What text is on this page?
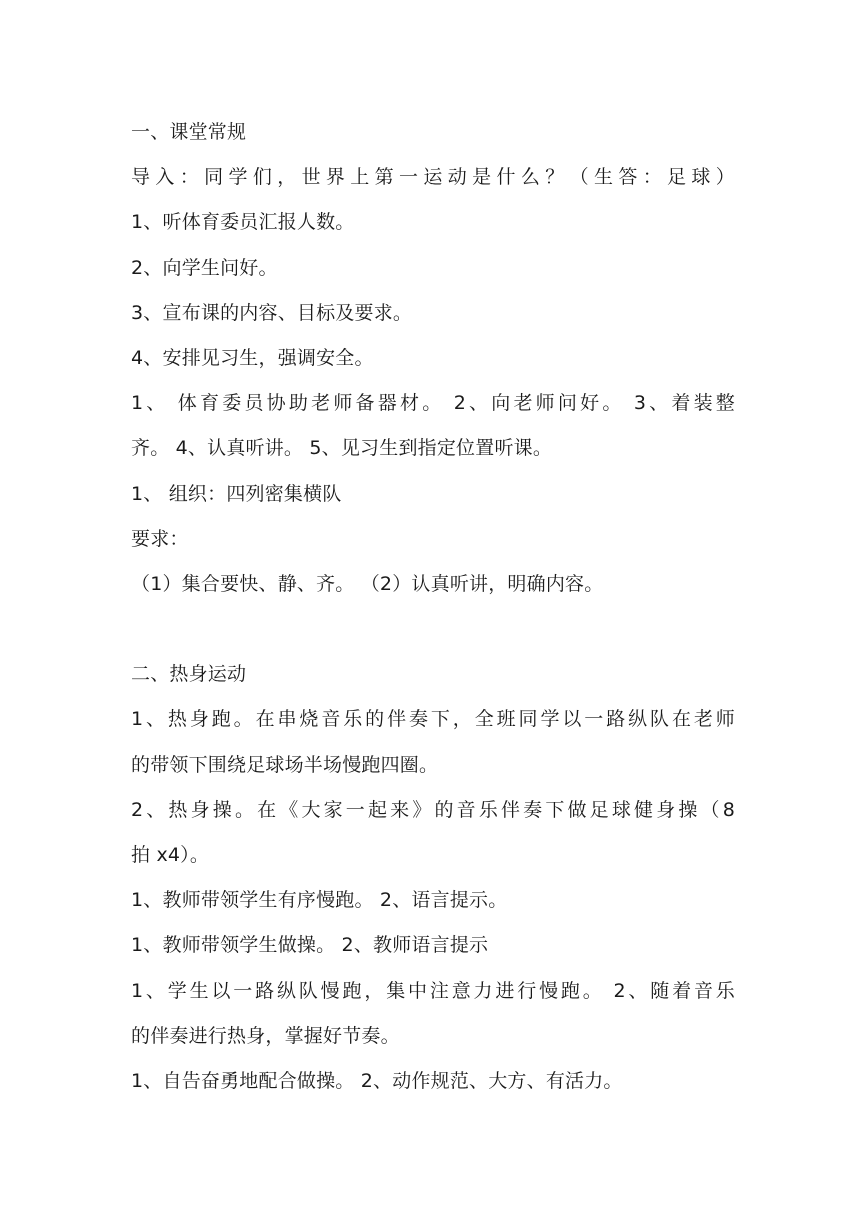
一、课堂常规
导入：同学们，世界上第一运动是什么？（生答：足球）
1、听体育委员汇报人数。
2、向学生问好。
3、宣布课的内容、目标及要求。
4、安排见习生，强调安全。
1、 体育委员协助老师备器材。 2、向老师问好。 3、着装整
齐。 4、认真听讲。 5、见习生到指定位置听课。
1、 组织：四列密集横队
要求：
（1）集合要快、静、齐。 （2）认真听讲，明确内容。
二、热身运动
1、热身跑。在串烧音乐的伴奏下，全班同学以一路纵队在老师
的带领下围绕足球场半场慢跑四圈。
2、热身操。在《大家一起来》的音乐伴奏下做足球健身操（8
拍 x4）。
1、教师带领学生有序慢跑。 2、语言提示。
1、教师带领学生做操。 2、教师语言提示
1、学生以一路纵队慢跑，集中注意力进行慢跑。 2、随着音乐
的伴奏进行热身，掌握好节奏。
1、自告奋勇地配合做操。 2、动作规范、大方、有活力。
